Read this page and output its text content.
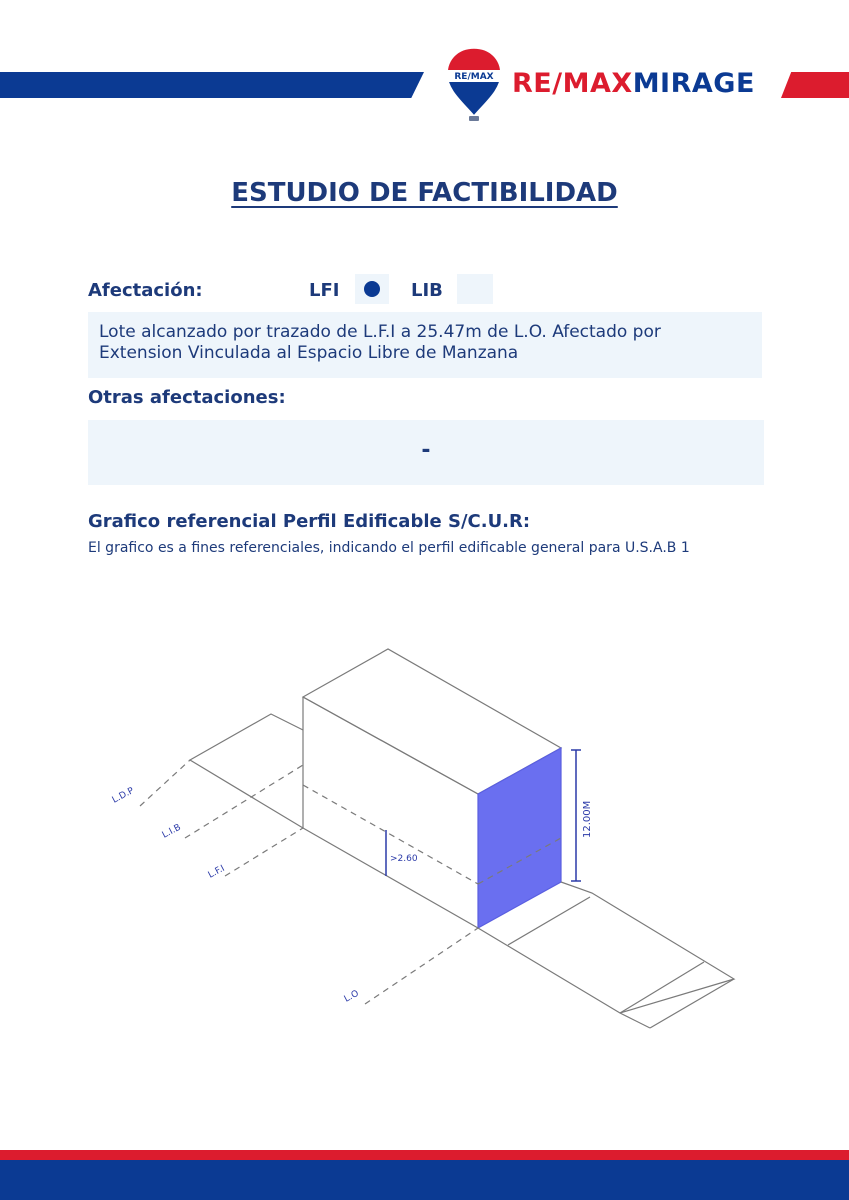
RE/MAX RE/MAXMIRAGE
ESTUDIO DE FACTIBILIDAD
Afectación:	LFI	LIB
Lote alcanzado por trazado de L.F.I a 25.47m de L.O. Afectado por Extension Vinculada al Espacio Libre de Manzana
Otras afectaciones:
-
Grafico referencial Perfil Edificable S/C.U.R:
El grafico es a fines referenciales, indicando el perfil edificable general para U.S.A.B 1
12.00M
>2.60
L.D.P
L.I.B
L.F.I
L.O
